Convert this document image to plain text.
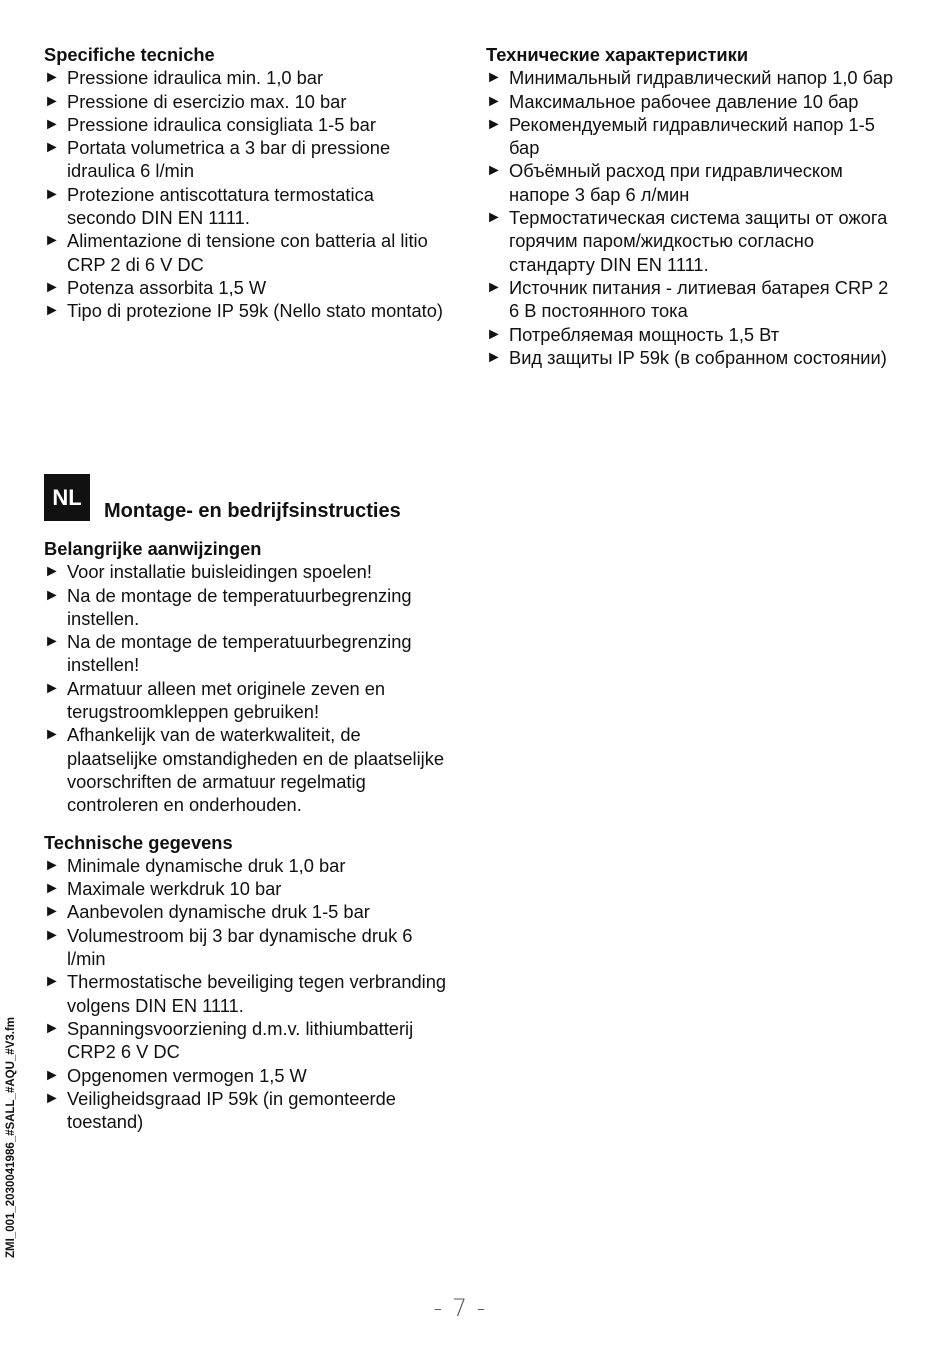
Specifiche tecniche
► Pressione idraulica min. 1,0 bar
► Pressione di esercizio max. 10 bar
► Pressione idraulica consigliata 1-5 bar
► Portata volumetrica a 3 bar di pressione idraulica 6 l/min
► Protezione antiscottatura termostatica secondo DIN EN 1111.
► Alimentazione di tensione con batteria al litio CRP 2 di 6 V DC
► Potenza assorbita 1,5 W
► Tipo di protezione IP 59k (Nello stato montato)
Технические характеристики
► Минимальный гидравлический напор 1,0 бар
► Максимальное рабочее давление 10 бар
► Рекомендуемый гидравлический напор 1-5 бар
► Объёмный расход при гидравлическом напоре 3 бар 6 л/мин
► Термостатическая система защиты от ожога горячим паром/жидкостью согласно стандарту DIN EN 1111.
► Источник питания - литиевая батарея CRP 2 6 В постоянного тока
► Потребляемая мощность 1,5 Вт
► Вид защиты IP 59k (в собранном состоянии)
NL
Montage- en bedrijfsinstructies
Belangrijke aanwijzingen
► Voor installatie buisleidingen spoelen!
► Na de montage de temperatuurbegrenzing instellen.
► Na de montage de temperatuurbegrenzing instellen!
► Armatuur alleen met originele zeven en terugstroomkleppen gebruiken!
► Afhankelijk van de waterkwaliteit, de plaatselijke omstandigheden en de plaatselijke voorschriften de armatuur regelmatig controleren en onderhouden.
Technische gegevens
► Minimale dynamische druk 1,0 bar
► Maximale werkdruk 10 bar
► Aanbevolen dynamische druk 1-5 bar
► Volumestroom bij 3 bar dynamische druk 6 l/min
► Thermostatische beveiliging tegen verbranding volgens DIN EN 1111.
► Spanningsvoorziening d.m.v. lithiumbatterij CRP2 6 V DC
► Opgenomen vermogen 1,5 W
► Veiligheidsgraad IP 59k (in gemonteerde toestand)
ZMI_001_2030041986_#SALL_#AQU_#V3.fm
- 7 -
